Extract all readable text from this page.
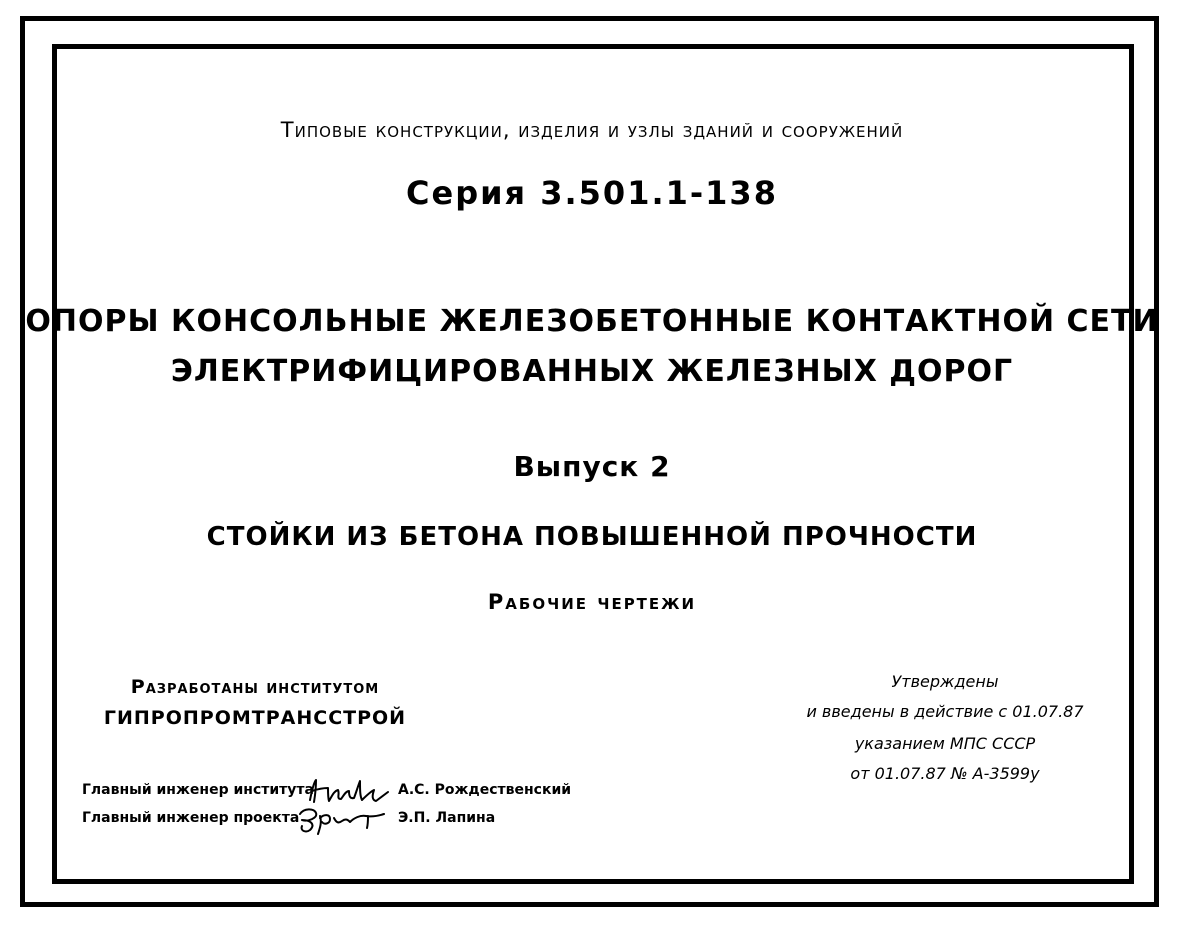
Типовые конструкции, изделия и узлы зданий и сооружений
Серия 3.501.1-138
ОПОРЫ КОНСОЛЬНЫЕ ЖЕЛЕЗОБЕТОННЫЕ КОНТАКТНОЙ СЕТИ
ЭЛЕКТРИФИЦИРОВАННЫХ ЖЕЛЕЗНЫХ ДОРОГ
Выпуск 2
СТОЙКИ ИЗ БЕТОНА ПОВЫШЕННОЙ ПРОЧНОСТИ
Рабочие чертежи
Разработаны институтом
ГИПРОПРОМТРАНССТРОЙ
Утверждены
и введены в действие с 01.07.87
указанием МПС СССР
от 01.07.87 № А-3599у
Главный инженер института	А.С. Рождественский
Главный инженер проекта	Э.П. Лапина
